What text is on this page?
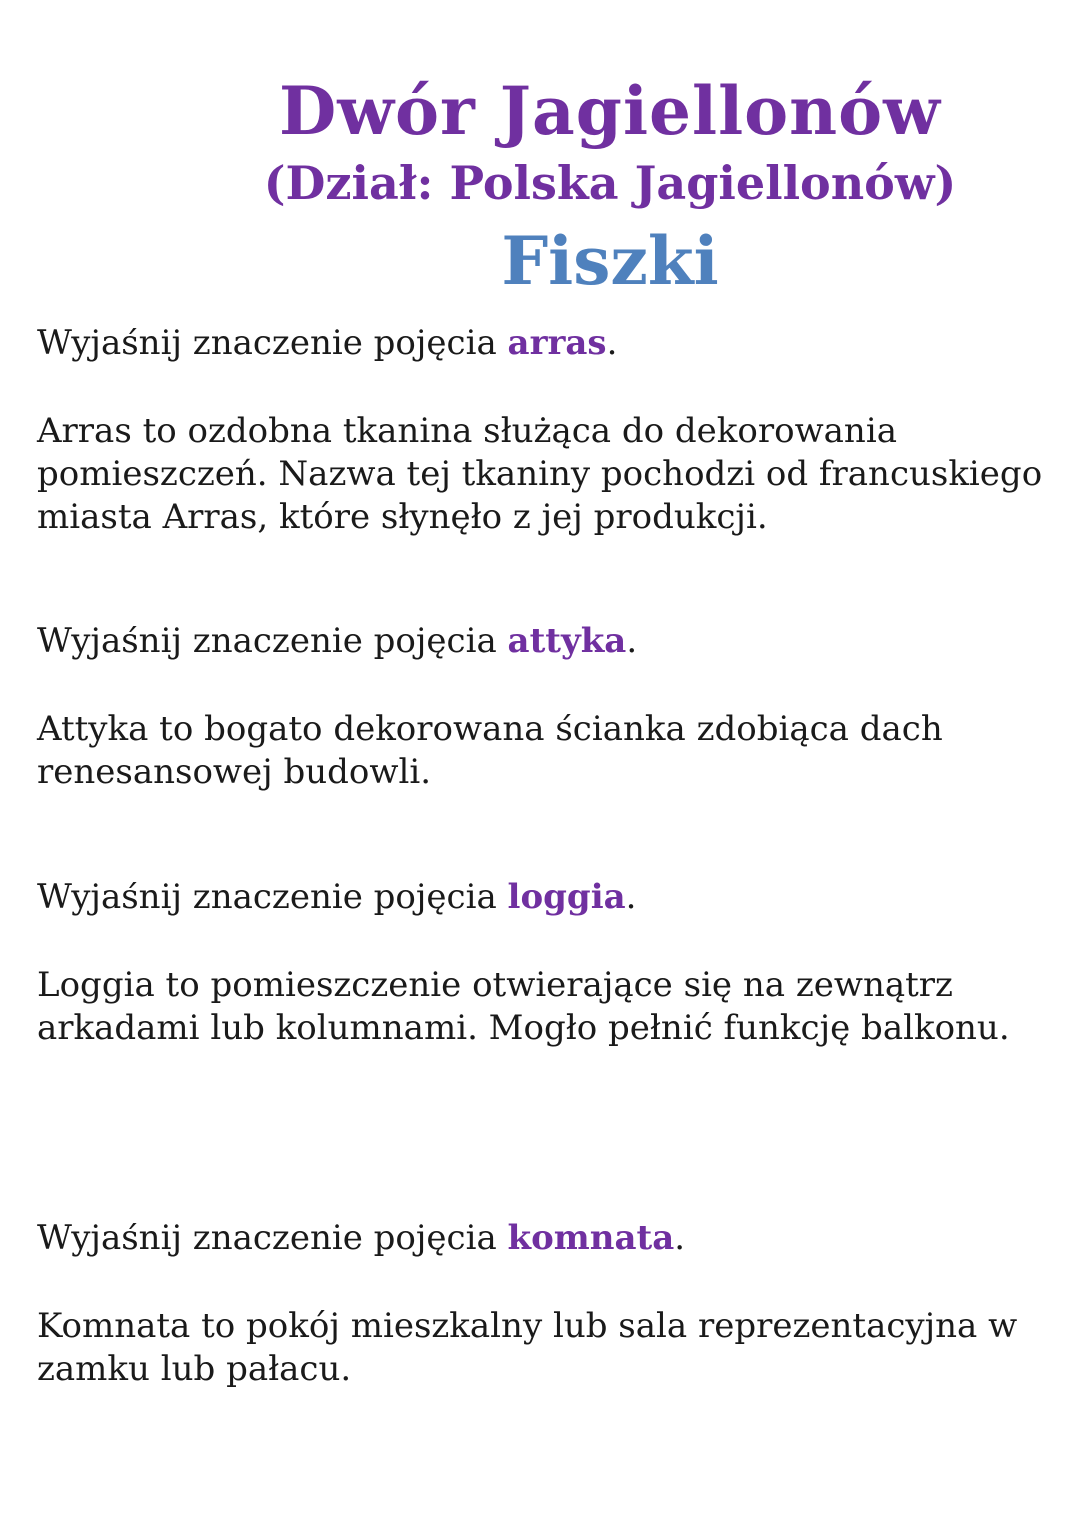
Dwór Jagiellonów
(Dział: Polska Jagiellonów)
Fiszki

Wyjaśnij znaczenie pojęcia arras.

Arras to ozdobna tkanina służąca do dekorowania pomieszczeń. Nazwa tej tkaniny pochodzi od francuskiego miasta Arras, które słynęło z jej produkcji.

Wyjaśnij znaczenie pojęcia attyka.

Attyka to bogato dekorowana ścianka zdobiąca dach renesansowej budowli.

Wyjaśnij znaczenie pojęcia loggia.

Loggia to pomieszczenie otwierające się na zewnątrz arkadami lub kolumnami. Mogło pełnić funkcję balkonu.

Wyjaśnij znaczenie pojęcia komnata.

Komnata to pokój mieszkalny lub sala reprezentacyjna w zamku lub pałacu.
